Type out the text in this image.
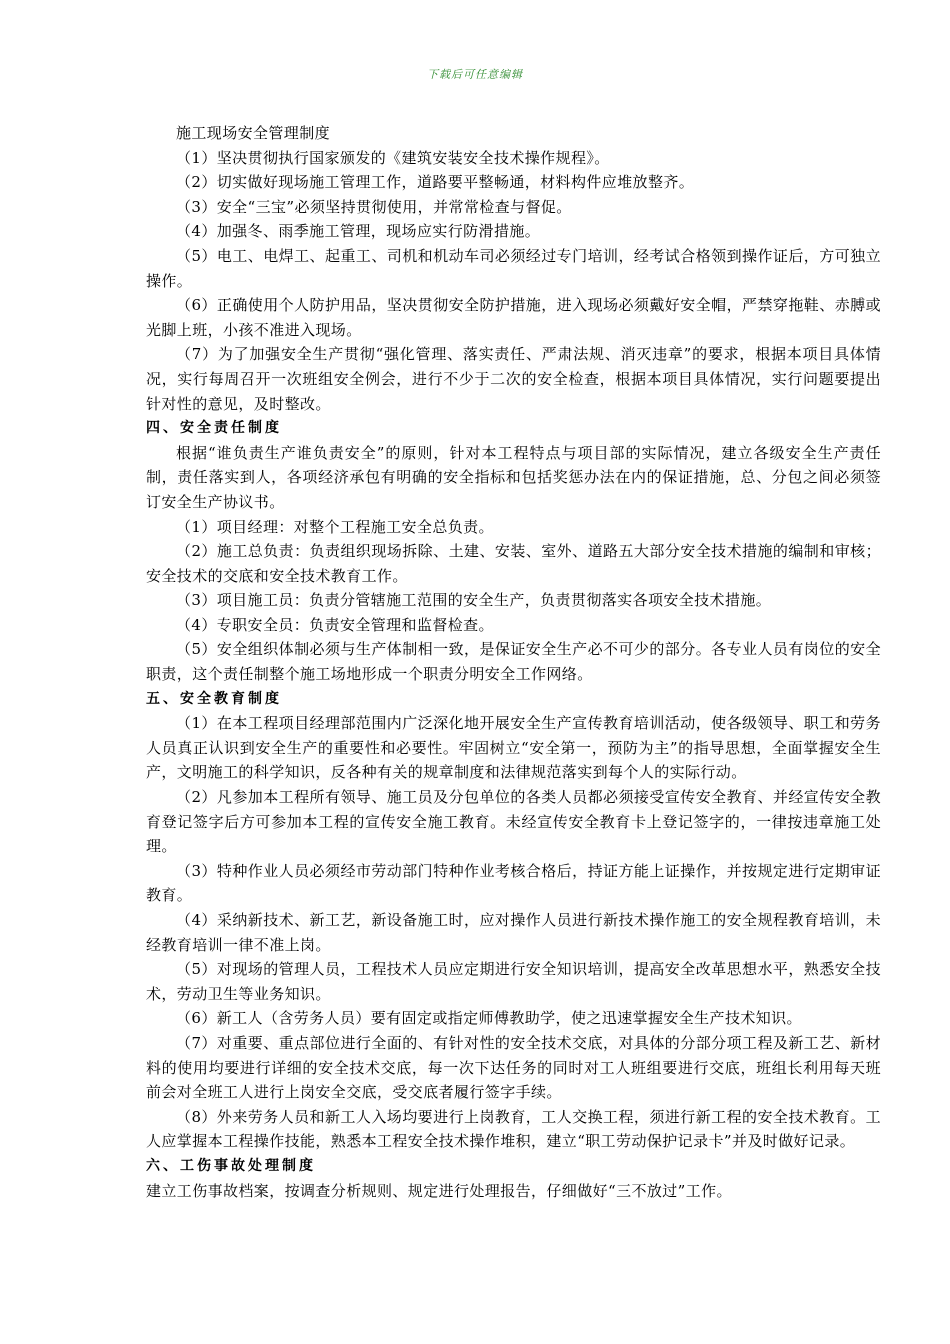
下载后可任意编辑

施工现场安全管理制度

（1）坚决贯彻执行国家颁发的《建筑安装安全技术操作规程》。

（2）切实做好现场施工管理工作，道路要平整畅通，材料构件应堆放整齐。

（3）安全“三宝”必须坚持贯彻使用，并常常检查与督促。

（4）加强冬、雨季施工管理，现场应实行防滑措施。

（5）电工、电焊工、起重工、司机和机动车司必须经过专门培训，经考试合格领到操作证后，方可独立操作。

（6）正确使用个人防护用品，坚决贯彻安全防护措施，进入现场必须戴好安全帽，严禁穿拖鞋、赤膊或光脚上班，小孩不准进入现场。

（7）为了加强安全生产贯彻“强化管理、落实责任、严肃法规、消灭违章”的要求，根据本项目具体情况，实行每周召开一次班组安全例会，进行不少于二次的安全检查，根据本项目具体情况，实行问题要提出针对性的意见，及时整改。

四、安全责任制度

根据“谁负责生产谁负责安全”的原则，针对本工程特点与项目部的实际情况，建立各级安全生产责任制，责任落实到人，各项经济承包有明确的安全指标和包括奖惩办法在内的保证措施，总、分包之间必须签订安全生产协议书。

（1）项目经理：对整个工程施工安全总负责。

（2）施工总负责：负责组织现场拆除、土建、安装、室外、道路五大部分安全技术措施的编制和审核；安全技术的交底和安全技术教育工作。

（3）项目施工员：负责分管辖施工范围的安全生产，负责贯彻落实各项安全技术措施。

（4）专职安全员：负责安全管理和监督检查。

（5）安全组织体制必须与生产体制相一致，是保证安全生产必不可少的部分。各专业人员有岗位的安全职责，这个责任制整个施工场地形成一个职责分明安全工作网络。

五、安全教育制度

（1）在本工程项目经理部范围内广泛深化地开展安全生产宣传教育培训活动，使各级领导、职工和劳务人员真正认识到安全生产的重要性和必要性。牢固树立“安全第一，预防为主”的指导思想，全面掌握安全生产，文明施工的科学知识，反各种有关的规章制度和法律规范落实到每个人的实际行动。

（2）凡参加本工程所有领导、施工员及分包单位的各类人员都必须接受宣传安全教育、并经宣传安全教育登记签字后方可参加本工程的宣传安全施工教育。未经宣传安全教育卡上登记签字的，一律按违章施工处理。

（3）特种作业人员必须经市劳动部门特种作业考核合格后，持证方能上证操作，并按规定进行定期审证教育。

（4）采纳新技术、新工艺，新设备施工时，应对操作人员进行新技术操作施工的安全规程教育培训，未经教育培训一律不准上岗。

（5）对现场的管理人员，工程技术人员应定期进行安全知识培训，提高安全改革思想水平，熟悉安全技术，劳动卫生等业务知识。

（6）新工人（含劳务人员）要有固定或指定师傅教助学，使之迅速掌握安全生产技术知识。

（7）对重要、重点部位进行全面的、有针对性的安全技术交底，对具体的分部分项工程及新工艺、新材料的使用均要进行详细的安全技术交底，每一次下达任务的同时对工人班组要进行交底，班组长利用每天班前会对全班工人进行上岗安全交底，受交底者履行签字手续。

（8）外来劳务人员和新工人入场均要进行上岗教育，工人交换工程，须进行新工程的安全技术教育。工人应掌握本工程操作技能，熟悉本工程安全技术操作堆积，建立“职工劳动保护记录卡”并及时做好记录。

六、工伤事故处理制度

建立工伤事故档案，按调查分析规则、规定进行处理报告，仔细做好“三不放过”工作。
